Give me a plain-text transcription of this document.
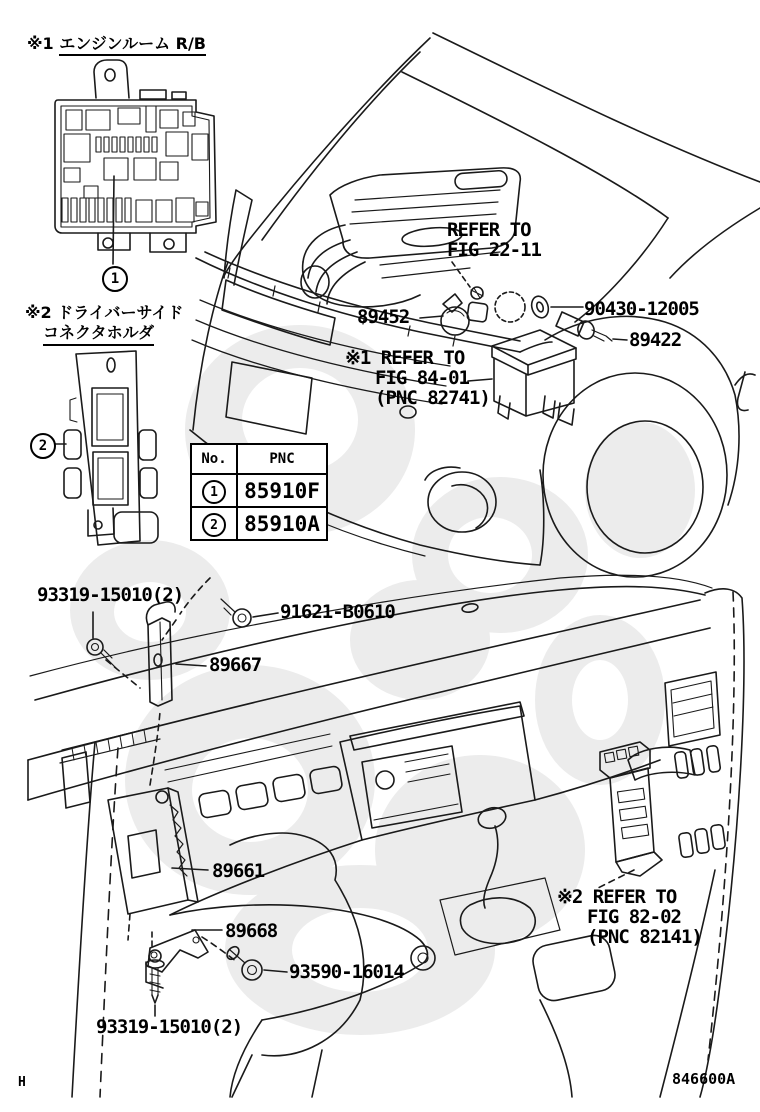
※1 エンジンルーム R/B
1
※2 ドライバーサイド
コネクタホルダ
2
No.	PNC
1	85910F
2	85910A
REFER TO
FIG 22-11
89452	90430-12005
89422
※1 REFER TO
FIG 84-01
(PNC 82741)
93319-15010(2)
91621-B0610
89667
89661
89668
93590-16014
93319-15010(2)
※2 REFER TO
FIG 82-02
(PNC 82141)
H	846600A
